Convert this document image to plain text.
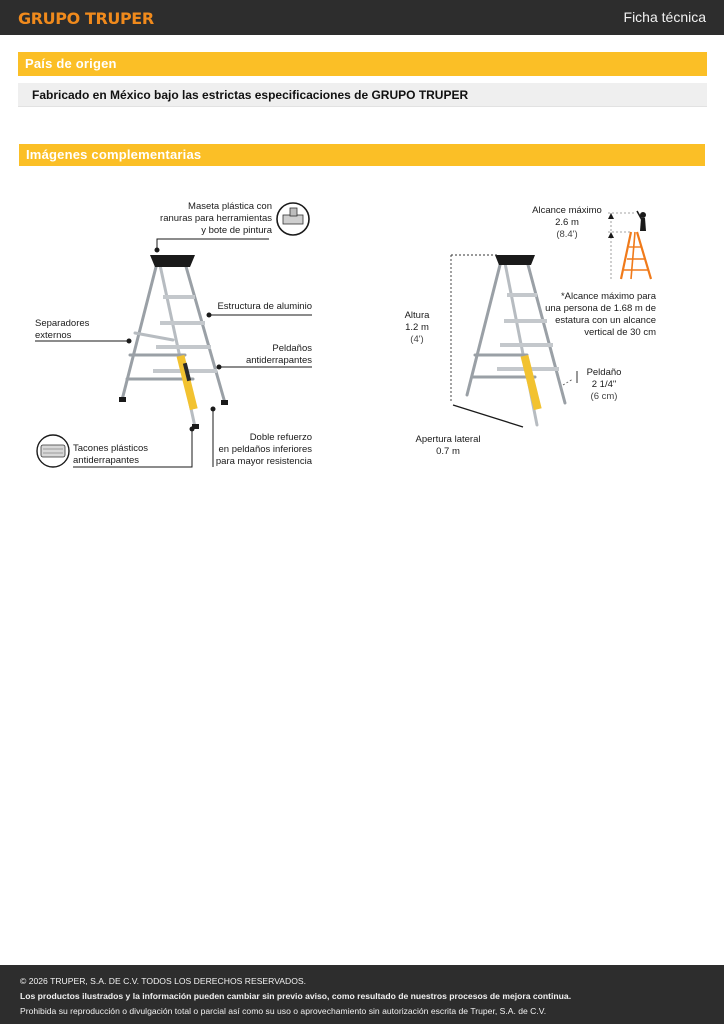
GRUPO TRUPER	Ficha técnica
País de origen
Fabricado en México bajo las estrictas especificaciones de GRUPO TRUPER
Imágenes complementarias
Maseta plástica con
ranuras para herramientas
y bote de pintura
Estructura de aluminio
Separadores
externos
Peldaños
antiderrapantes
Tacones plásticos
antiderrapantes
Doble refuerzo
en peldaños inferiores
para mayor resistencia
Alcance máximo
2.6 m
(8.4')
Altura
1.2 m
(4')
Apertura lateral
0.7 m
*Alcance máximo para
una persona de 1.68 m de
estatura con un alcance
vertical de 30 cm
Peldaño
2 1/4"
(6 cm)
© 2026 TRUPER, S.A. DE C.V. TODOS LOS DERECHOS RESERVADOS.
Los productos ilustrados y la información pueden cambiar sin previo aviso, como resultado de nuestros procesos de mejora continua.
Prohibida su reproducción o divulgación total o parcial así como su uso o aprovechamiento sin autorización escrita de Truper, S.A. de C.V.
